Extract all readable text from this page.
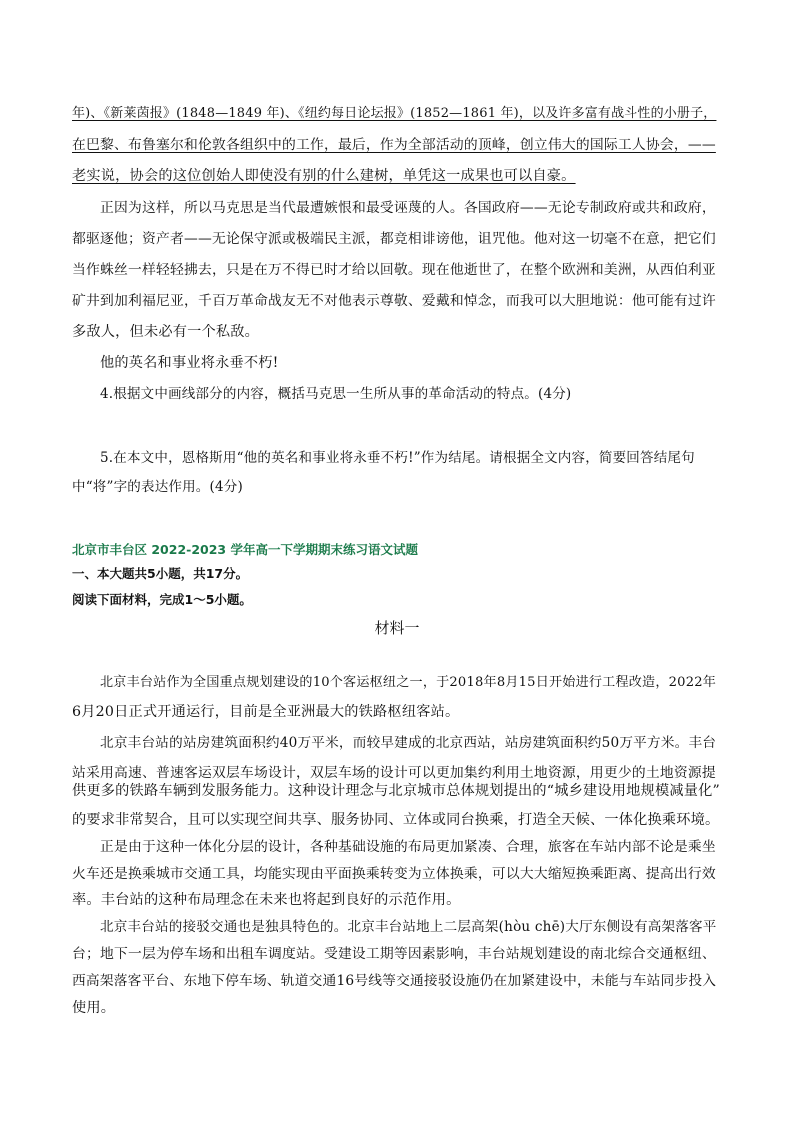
年)、《新莱茵报》(1848—1849 年)、《纽约每日论坛报》(1852—1861 年)，以及许多富有战斗性的小册子，
在巴黎、布鲁塞尔和伦敦各组织中的工作，最后，作为全部活动的顶峰，创立伟大的国际工人协会，——
老实说，协会的这位创始人即使没有别的什么建树，单凭这一成果也可以自豪。
正因为这样，所以马克思是当代最遭嫉恨和最受诬蔑的人。各国政府——无论专制政府或共和政府，
都驱逐他；资产者——无论保守派或极端民主派，都竞相诽谤他，诅咒他。他对这一切毫不在意，把它们
当作蛛丝一样轻轻拂去，只是在万不得已时才给以回敬。现在他逝世了，在整个欧洲和美洲，从西伯利亚
矿井到加利福尼亚，千百万革命战友无不对他表示尊敬、爱戴和悼念，而我可以大胆地说：他可能有过许
多敌人，但未必有一个私敌。
他的英名和事业将永垂不朽!
4.根据文中画线部分的内容，概括马克思一生所从事的革命活动的特点。(4分)
5.在本文中，恩格斯用“他的英名和事业将永垂不朽!”作为结尾。请根据全文内容，简要回答结尾句
中“将”字的表达作用。(4分)
北京市丰台区 2022-2023 学年高一下学期期末练习语文试题
一、本大题共5小题，共17分。
阅读下面材料，完成1～5小题。
材料一
北京丰台站作为全国重点规划建设的10个客运枢纽之一，于2018年8月15日开始进行工程改造，2022年
6月20日正式开通运行，目前是全亚洲最大的铁路枢纽客站。
北京丰台站的站房建筑面积约40万平米，而较早建成的北京西站，站房建筑面积约50万平方米。丰台
站采用高速、普速客运双层车场设计，双层车场的设计可以更加集约利用土地资源，用更少的土地资源提
供更多的铁路车辆到发服务能力。这种设计理念与北京城市总体规划提出的“城乡建设用地规模减量化”
的要求非常契合，且可以实现空间共享、服务协同、立体或同台换乘，打造全天候、一体化换乘环境。
正是由于这种一体化分层的设计，各种基础设施的布局更加紧凑、合理，旅客在车站内部不论是乘坐
火车还是换乘城市交通工具，均能实现由平面换乘转变为立体换乘，可以大大缩短换乘距离、提高出行效
率。丰台站的这种布局理念在未来也将起到良好的示范作用。
北京丰台站的接驳交通也是独具特色的。北京丰台站地上二层高架(hòu chē)大厅东侧设有高架落客平
台；地下一层为停车场和出租车调度站。受建设工期等因素影响，丰台站规划建设的南北综合交通枢纽、
西高架落客平台、东地下停车场、轨道交通16号线等交通接驳设施仍在加紧建设中，未能与车站同步投入
使用。
